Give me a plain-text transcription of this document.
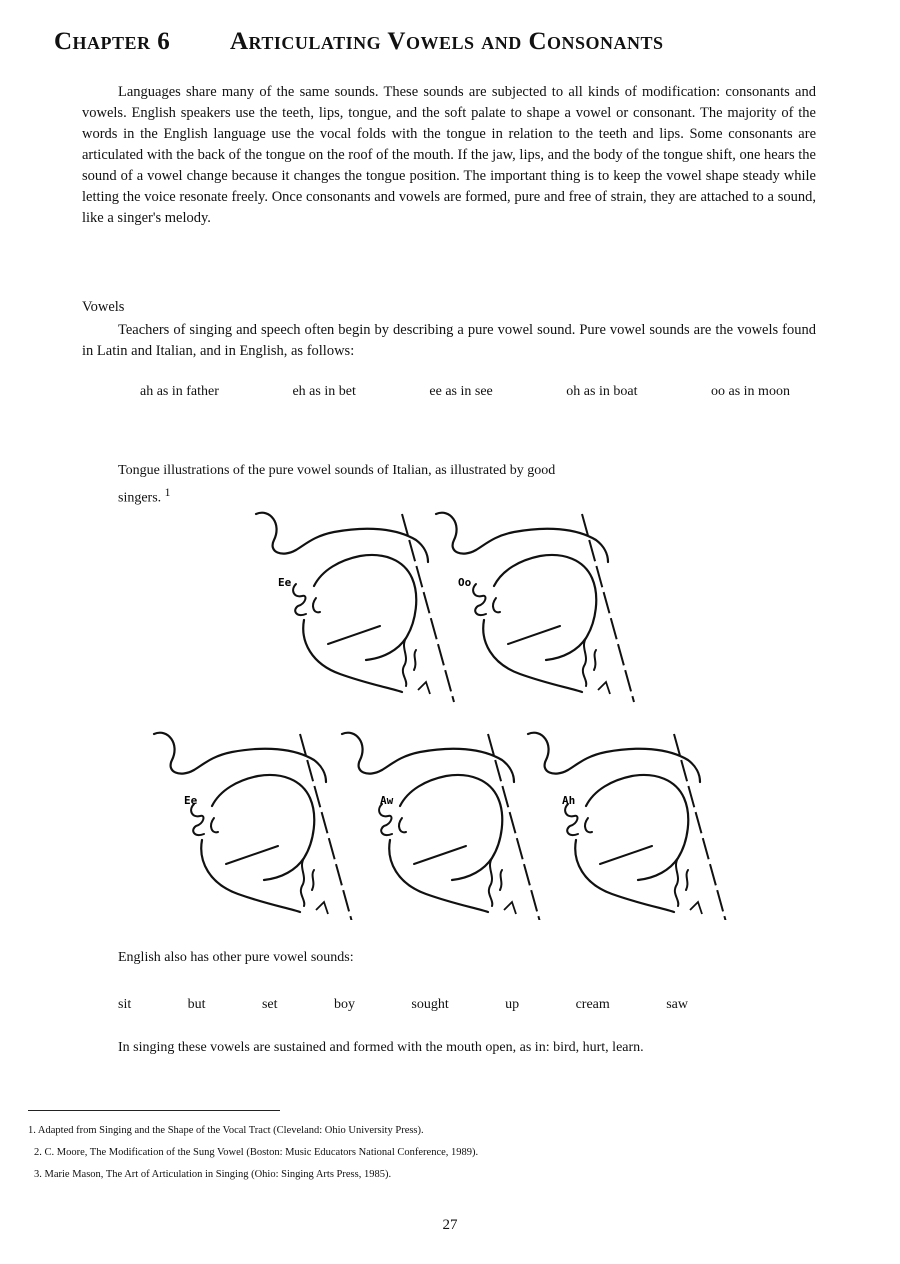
Chapter 6 Articulating Vowels and Consonants

Languages share many of the same sounds. These sounds are subjected to all kinds of modification: consonants and vowels. English speakers use the teeth, lips, tongue, and the soft palate to shape a vowel or consonant. The majority of the words in the English language use the vocal folds with the tongue in relation to the teeth and lips. Some consonants are articulated with the back of the tongue on the roof of the mouth. If the jaw, lips, and the body of the tongue shift, one hears the sound of a vowel change because it changes the tongue position. The important thing is to keep the vowel shape steady while letting the voice resonate freely. Once consonants and vowels are formed, pure and free of strain, they are attached to a sound, like a singer's melody.

Vowels

Teachers of singing and speech often begin by describing a pure vowel sound. Pure vowel sounds are the vowels found in Latin and Italian, and in English, as follows:

ah as in father	eh as in bet	ee as in see	oh as in boat	oo as in moon

Tongue illustrations of the pure vowel sounds of Italian, as illustrated by good singers. $^1$

Ee	Oo
Ee	Aw	Ah

English also has other pure vowel sounds:

sit	but	set	boy	sought	up	cream	saw

In singing these vowels are sustained and formed with the mouth open, as in: bird, hurt, learn.

1. Adapted from Singing and the Shape of the Vocal Tract (Cleveland: Ohio University Press).
2. C. Moore, The Modification of the Sung Vowel (Boston: Music Educators National Conference, 1989).
3. Marie Mason, The Art of Articulation in Singing (Ohio: Singing Arts Press, 1985).
27
